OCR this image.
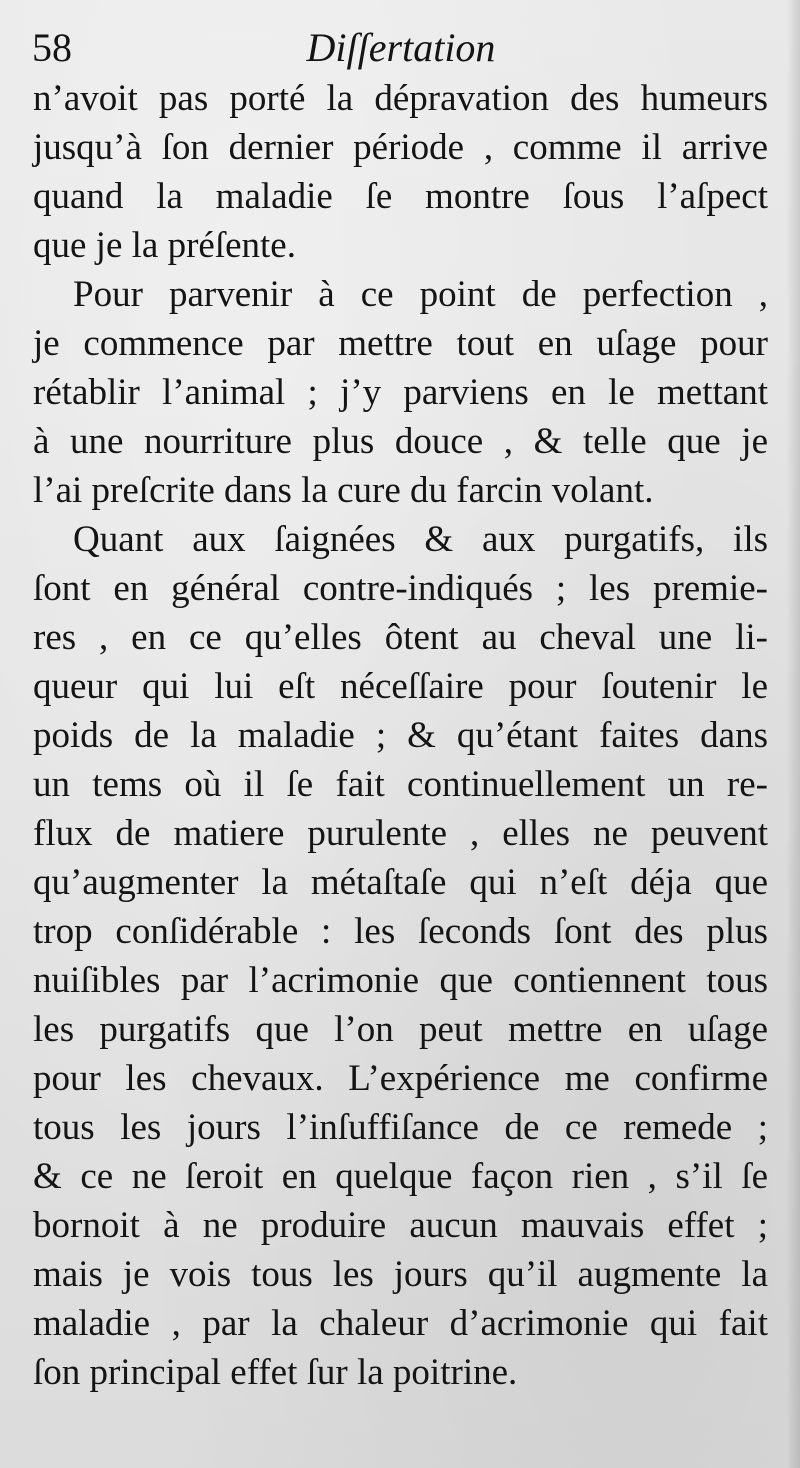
58	Diſſertation
n’avoit pas porté la dépravation des humeurs
jusqu’à ſon dernier période , comme il arrive
quand la maladie ſe montre ſous l’aſpect
que je la préſente.
Pour parvenir à ce point de perfection ,
je commence par mettre tout en uſage pour
rétablir l’animal ; j’y parviens en le mettant
à une nourriture plus douce , & telle que je
l’ai preſcrite dans la cure du farcin volant.
Quant aux ſaignées & aux purgatifs, ils
ſont en général contre-indiqués ; les premie-
res , en ce qu’elles ôtent au cheval une li-
queur qui lui eſt néceſſaire pour ſoutenir le
poids de la maladie ; & qu’étant faites dans
un tems où il ſe fait continuellement un re-
flux de matiere purulente , elles ne peuvent
qu’augmenter la métaſtaſe qui n’eſt déja que
trop conſidérable : les ſeconds ſont des plus
nuiſibles par l’acrimonie que contiennent tous
les purgatifs que l’on peut mettre en uſage
pour les chevaux. L’expérience me confirme
tous les jours l’inſuffiſance de ce remede ;
& ce ne ſeroit en quelque façon rien , s’il ſe
bornoit à ne produire aucun mauvais effet ;
mais je vois tous les jours qu’il augmente la
maladie , par la chaleur d’acrimonie qui fait
ſon principal effet ſur la poitrine.
